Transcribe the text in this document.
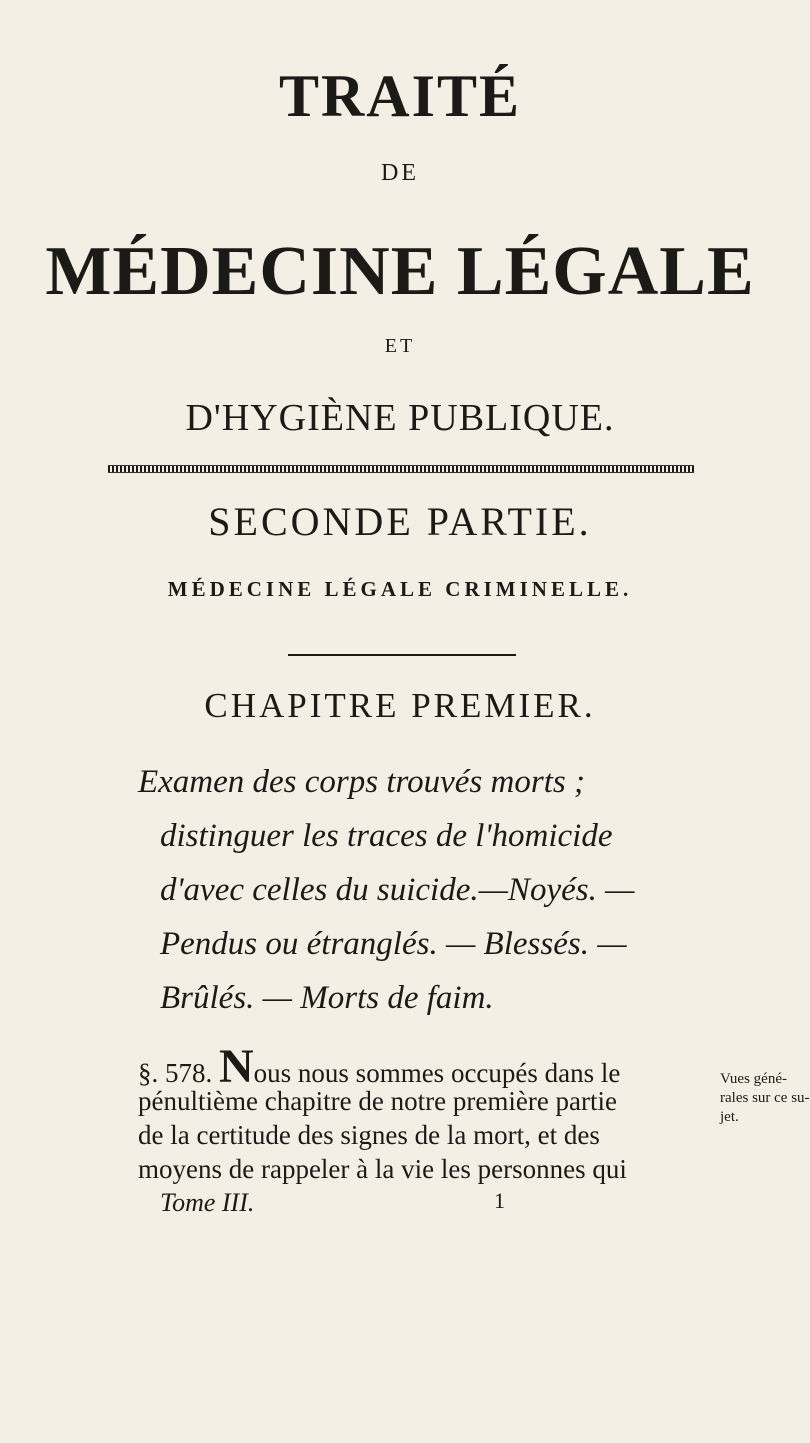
TRAITÉ
DE
MÉDECINE LÉGALE
ET
D'HYGIÈNE PUBLIQUE.
SECONDE PARTIE.
MÉDECINE LÉGALE CRIMINELLE.
CHAPITRE PREMIER.
Examen des corps trouvés morts ;
distinguer les traces de l'homicide
d'avec celles du suicide.—Noyés. —
Pendus ou étranglés. — Blessés. —
Brûlés. — Morts de faim.
§. 578. Nous nous sommes occupés dans le
pénultième chapitre de notre première partie
de la certitude des signes de la mort, et des
moyens de rappeler à la vie les personnes qui
Vues géné-
rales sur ce su-
jet.
Tome III.	1
